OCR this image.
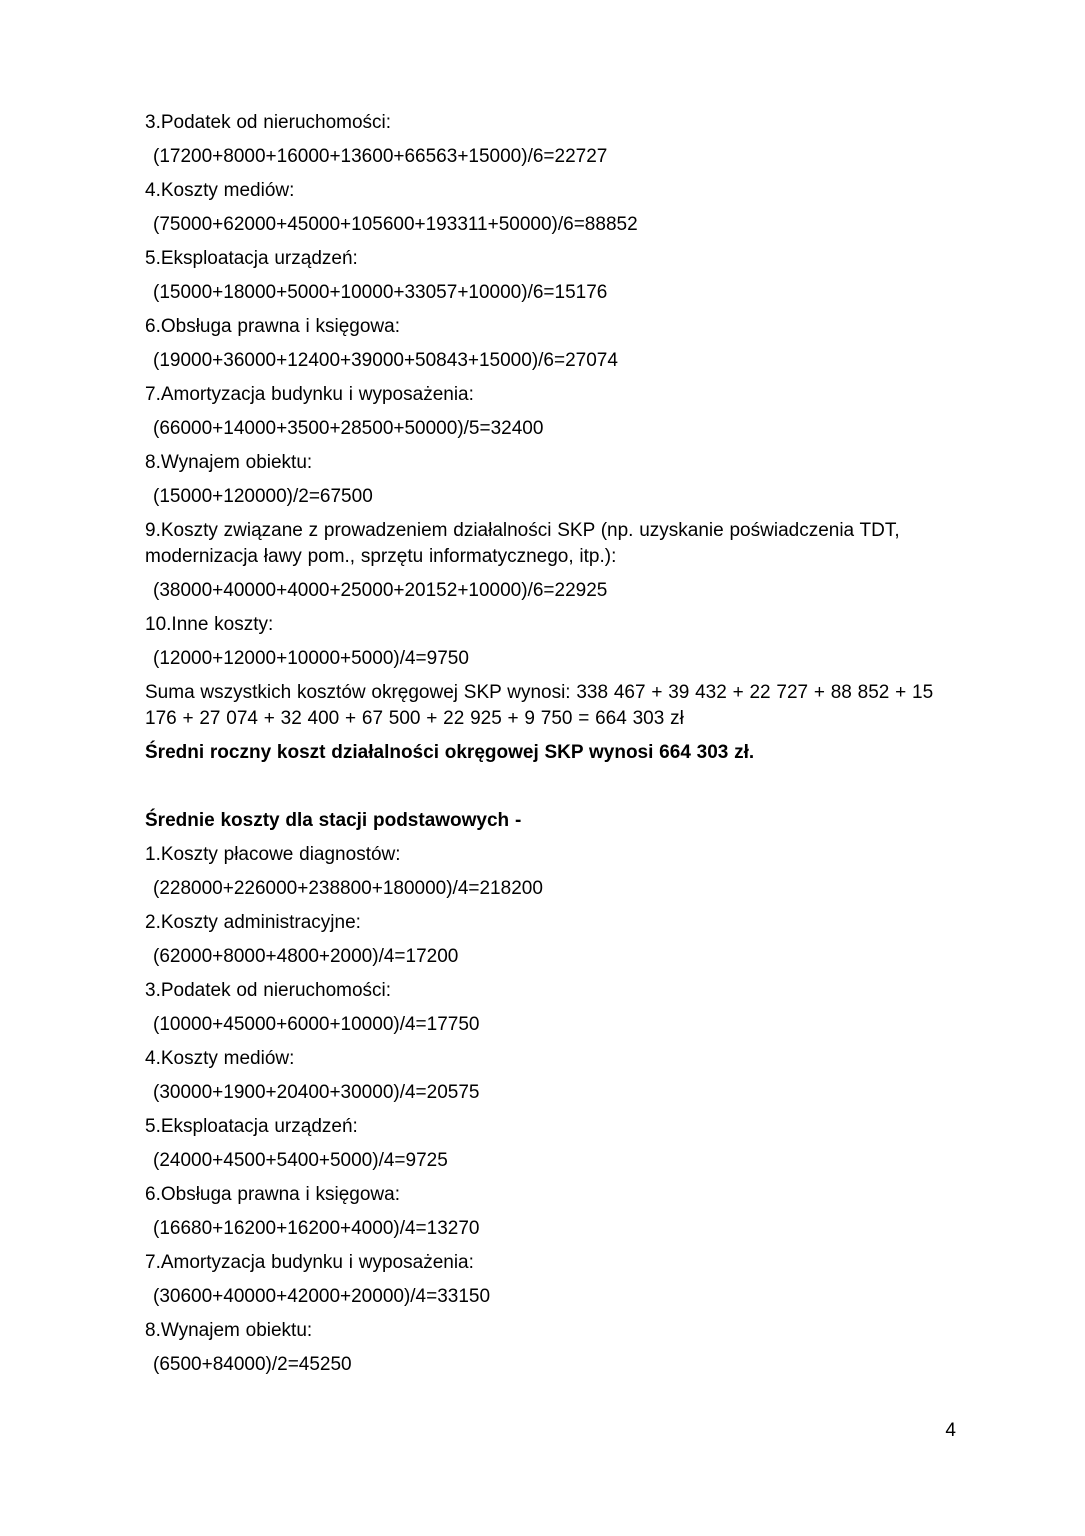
3.Podatek od nieruchomości:

(17200+8000+16000+13600+66563+15000)/6=22727

4.Koszty mediów:

(75000+62000+45000+105600+193311+50000)/6=88852

5.Eksploatacja urządzeń:

(15000+18000+5000+10000+33057+10000)/6=15176

6.Obsługa prawna i księgowa:

(19000+36000+12400+39000+50843+15000)/6=27074

7.Amortyzacja budynku i wyposażenia:

(66000+14000+3500+28500+50000)/5=32400

8.Wynajem obiektu:

(15000+120000)/2=67500

9.Koszty związane z prowadzeniem działalności SKP (np. uzyskanie poświadczenia TDT, modernizacja ławy pom., sprzętu informatycznego, itp.):

(38000+40000+4000+25000+20152+10000)/6=22925

10.Inne koszty:

(12000+12000+10000+5000)/4=9750

Suma wszystkich kosztów okręgowej SKP wynosi: 338 467 + 39 432 + 22 727 + 88 852 + 15 176 + 27 074 + 32 400 + 67 500 + 22 925 + 9 750 = 664 303 zł

Średni roczny koszt działalności okręgowej SKP wynosi 664 303 zł.

Średnie koszty dla stacji podstawowych -

1.Koszty płacowe diagnostów:

(228000+226000+238800+180000)/4=218200

2.Koszty administracyjne:

(62000+8000+4800+2000)/4=17200

3.Podatek od nieruchomości:

(10000+45000+6000+10000)/4=17750

4.Koszty mediów:

(30000+1900+20400+30000)/4=20575

5.Eksploatacja urządzeń:

(24000+4500+5400+5000)/4=9725

6.Obsługa prawna i księgowa:

(16680+16200+16200+4000)/4=13270

7.Amortyzacja budynku i wyposażenia:

(30600+40000+42000+20000)/4=33150

8.Wynajem obiektu:

(6500+84000)/2=45250

4
